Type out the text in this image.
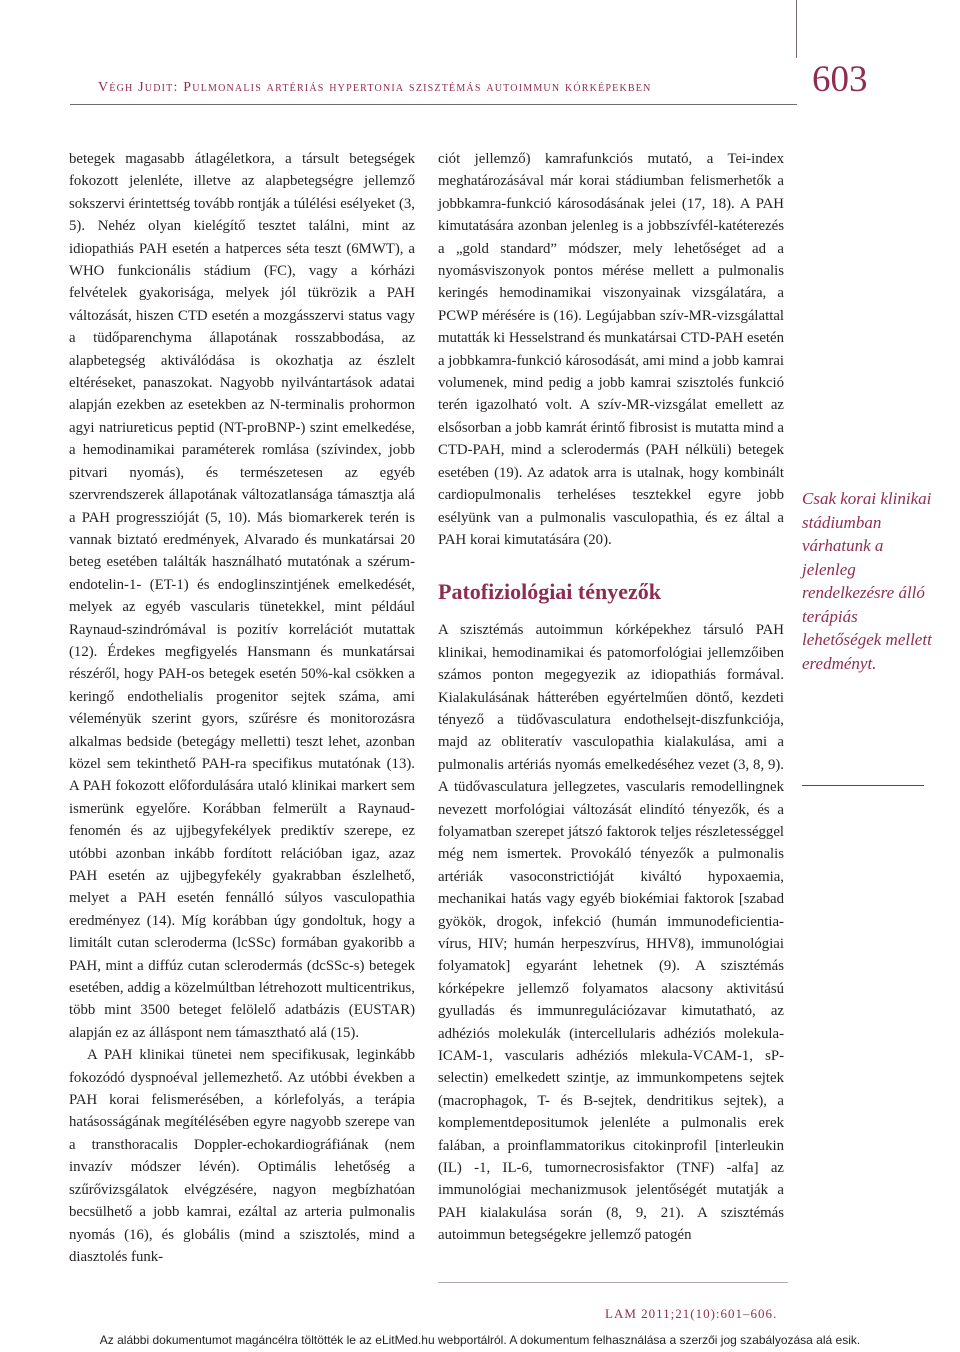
Végh Judit: Pulmonalis artériás hypertonia szisztémás autoimmun kórképekben	603

betegek magasabb átlagéletkora, a társult betegségek fokozott jelenléte, illetve az alapbetegségre jellemző sokszervi érintettség tovább rontják a túlélési esélyeket (3, 5). Nehéz olyan kielégítő tesztet találni, mint az idiopathiás PAH esetén a hatperces séta teszt (6MWT), a WHO funkcionális stádium (FC), vagy a kórházi felvételek gyakorisága, melyek jól tükrözik a PAH változását, hiszen CTD esetén a mozgásszervi status vagy a tüdőparenchyma állapotának rosszabbodása, az alapbetegség aktiválódása is okozhatja az észlelt eltéréseket, panaszokat. Nagyobb nyilvántartások adatai alapján ezekben az esetekben az N-terminalis prohormon agyi natriureticus peptid (NT-proBNP-) szint emelkedése, a hemodinamikai paraméterek romlása (szívindex, jobb pitvari nyomás), és természetesen az egyéb szervrendszerek állapotának változatlansága támasztja alá a PAH progresszióját (5, 10). Más biomarkerek terén is vannak biztató eredmények, Alvarado és munkatársai 20 beteg esetében találták használható mutatónak a szérum-endotelin-1- (ET-1) és endoglinszintjének emelkedését, melyek az egyéb vascularis tünetekkel, mint például Raynaud-szindrómával is pozitív korrelációt mutattak (12). Érdekes megfigyelés Hansmann és munkatársai részéről, hogy PAH-os betegek esetén 50%-kal csökken a keringő endothelialis progenitor sejtek száma, ami véleményük szerint gyors, szűrésre és monitorozásra alkalmas bedside (betegágy melletti) teszt lehet, azonban közel sem tekinthető PAH-ra specifikus mutatónak (13). A PAH fokozott előfordulására utaló klinikai markert sem ismerünk egyelőre. Korábban felmerült a Raynaud-fenomén és az ujjbegyfekélyek prediktív szerepe, ez utóbbi azonban inkább fordított relációban igaz, azaz PAH esetén az ujjbegyfekély gyakrabban észlelhető, melyet a PAH esetén fennálló súlyos vasculopathia eredményez (14). Míg korábban úgy gondoltuk, hogy a limitált cutan scleroderma (lcSSc) formában gyakoribb a PAH, mint a diffúz cutan sclerodermás (dcSSc-s) betegek esetében, addig a közelmúltban létrehozott multicentrikus, több mint 3500 beteget felölelő adatbázis (EUSTAR) alapján ez az álláspont nem támasztható alá (15).

A PAH klinikai tünetei nem specifikusak, leginkább fokozódó dyspnoéval jellemezhető. Az utóbbi években a PAH korai felismerésében, a kórlefolyás, a terápia hatásosságának megítélésében egyre nagyobb szerepe van a transthoracalis Doppler-echokardiográfiának (nem invazív módszer lévén). Optimális lehetőség a szűrővizsgálatok elvégzésére, nagyon megbízhatóan becsülhető a jobb kamrai, ezáltal az arteria pulmonalis nyomás (16), és globális (mind a szisztolés, mind a diasztolés funk-

ciót jellemző) kamrafunkciós mutató, a Tei-index meghatározásával már korai stádiumban felismerhetők a jobbkamra-funkció károsodásának jelei (17, 18). A PAH kimutatására azonban jelenleg is a jobbszívfél-katéterezés a „gold standard” módszer, mely lehetőséget ad a nyomásviszonyok pontos mérése mellett a pulmonalis keringés hemodinamikai viszonyainak vizsgálatára, a PCWP mérésére is (16). Legújabban szív-MR-vizsgálattal mutatták ki Hesselstrand és munkatársai CTD-PAH esetén a jobbkamra-funkció károsodását, ami mind a jobb kamrai volumenek, mind pedig a jobb kamrai szisztolés funkció terén igazolható volt. A szív-MR-vizsgálat emellett az elsősorban a jobb kamrát érintő fibrosist is mutatta mind a CTD-PAH, mind a sclerodermás (PAH nélküli) betegek esetében (19). Az adatok arra is utalnak, hogy kombinált cardiopulmonalis terheléses tesztekkel egyre jobb esélyünk van a pulmonalis vasculopathia, és ez által a PAH korai kimutatására (20).

Patofiziológiai tényezők

A szisztémás autoimmun kórképekhez társuló PAH klinikai, hemodinamikai és patomorfológiai jellemzőiben számos ponton megegyezik az idiopathiás formával. Kialakulásának hátterében egyértelműen döntő, kezdeti tényező a tüdővasculatura endothelsejt-diszfunkciója, majd az obliteratív vasculopathia kialakulása, ami a pulmonalis artériás nyomás emelkedéséhez vezet (3, 8, 9). A tüdővasculatura jellegzetes, vascularis remodellingnek nevezett morfológiai változását elindító tényezők, és a folyamatban szerepet játszó faktorok teljes részletességgel még nem ismertek. Provokáló tényezők a pulmonalis artériák vasoconstrictióját kiváltó hypoxaemia, mechanikai hatás vagy egyéb biokémiai faktorok [szabad gyökök, drogok, infekció (humán immunodeficientia-vírus, HIV; humán herpeszvírus, HHV8), immunológiai folyamatok] egyaránt lehetnek (9). A szisztémás kórképekre jellemző folyamatos alacsony aktivitású gyulladás és immunregulációzavar kimutatható, az adhéziós molekulák (intercellularis adhéziós molekula-ICAM-1, vascularis adhéziós mlekula-VCAM-1, sP-selectin) emelkedett szintje, az immunkompetens sejtek (macrophagok, T- és B-sejtek, dendritikus sejtek), a komplementdepositumok jelenléte a pulmonalis erek falában, a proinflammatorikus citokinprofil [interleukin (IL) -1, IL-6, tumornecrosisfaktor (TNF) -alfa] az immunológiai mechanizmusok jelentőségét mutatják a PAH kialakulása során (8, 9, 21). A szisztémás autoimmun betegségekre jellemző patogén

Csak korai klinikai stádiumban várhatunk a jelenleg rendelkezésre álló terápiás lehetőségek mellett eredményt.
LAM 2011;21(10):601–606.
Az alábbi dokumentumot magáncélra töltötték le az eLitMed.hu webportálról. A dokumentum felhasználása a szerzői jog szabályozása alá esik.
